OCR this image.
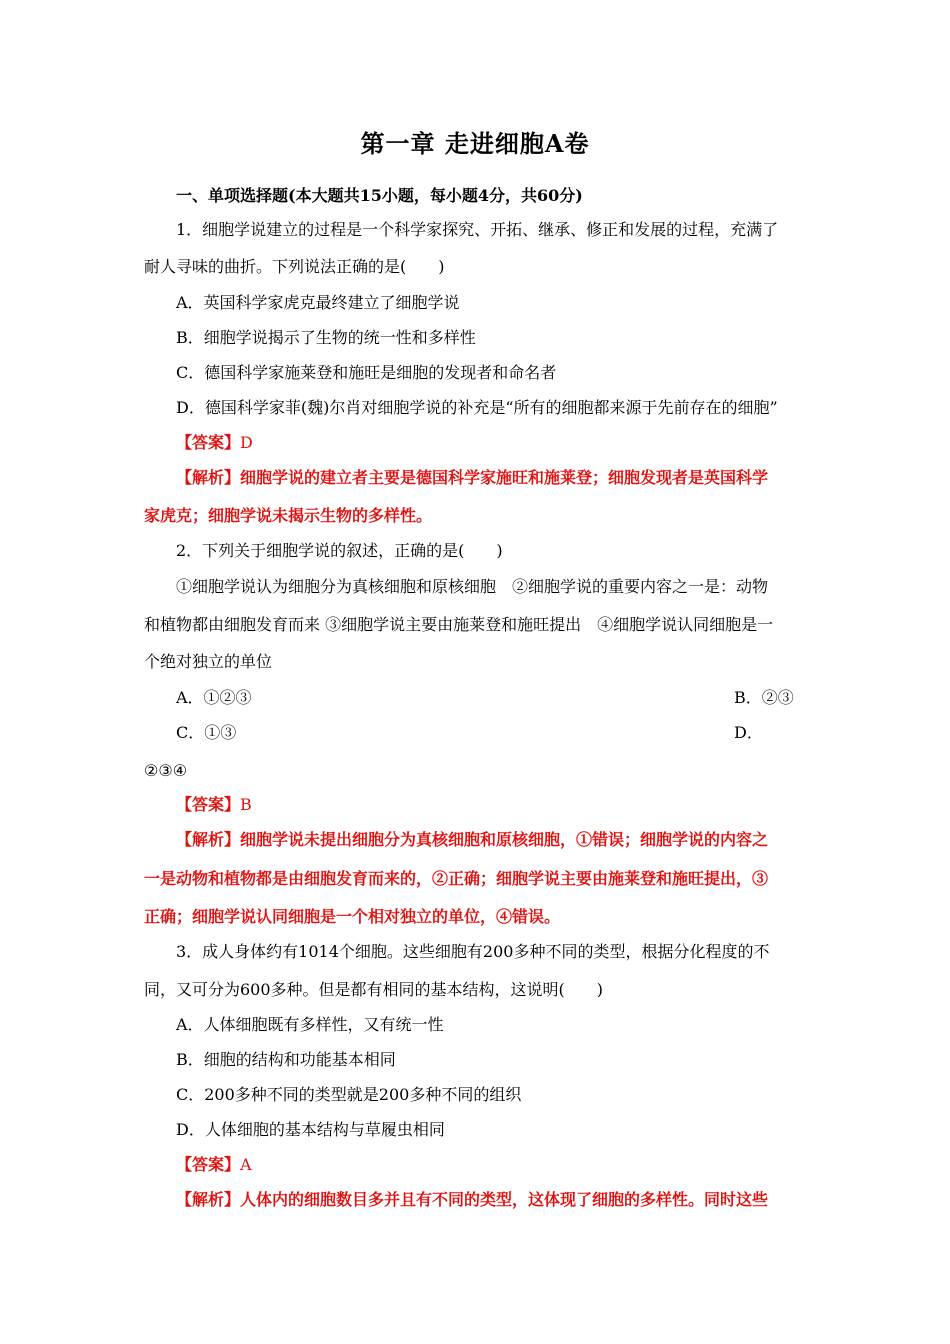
第一章 走进细胞A卷
一、单项选择题(本大题共15小题，每小题4分，共60分)
1．细胞学说建立的过程是一个科学家探究、开拓、继承、修正和发展的过程，充满了
耐人寻味的曲折。下列说法正确的是(　　)
A．英国科学家虎克最终建立了细胞学说
B．细胞学说揭示了生物的统一性和多样性
C．德国科学家施莱登和施旺是细胞的发现者和命名者
D．德国科学家菲(魏)尔肖对细胞学说的补充是“所有的细胞都来源于先前存在的细胞”
【答案】D
【解析】细胞学说的建立者主要是德国科学家施旺和施莱登；细胞发现者是英国科学
家虎克；细胞学说未揭示生物的多样性。
2．下列关于细胞学说的叙述，正确的是(　　)
①细胞学说认为细胞分为真核细胞和原核细胞　②细胞学说的重要内容之一是：动物
和植物都由细胞发育而来 ③细胞学说主要由施莱登和施旺提出　④细胞学说认同细胞是一
个绝对独立的单位
A．①②③	B．②③
C．①③	D．
②③④
【答案】B
【解析】细胞学说未提出细胞分为真核细胞和原核细胞，①错误；细胞学说的内容之
一是动物和植物都是由细胞发育而来的，②正确；细胞学说主要由施莱登和施旺提出，③
正确；细胞学说认同细胞是一个相对独立的单位，④错误。
3．成人身体约有1014个细胞。这些细胞有200多种不同的类型，根据分化程度的不
同，又可分为600多种。但是都有相同的基本结构，这说明(　　)
A．人体细胞既有多样性，又有统一性
B．细胞的结构和功能基本相同
C．200多种不同的类型就是200多种不同的组织
D．人体细胞的基本结构与草履虫相同
【答案】A
【解析】人体内的细胞数目多并且有不同的类型，这体现了细胞的多样性。同时这些
